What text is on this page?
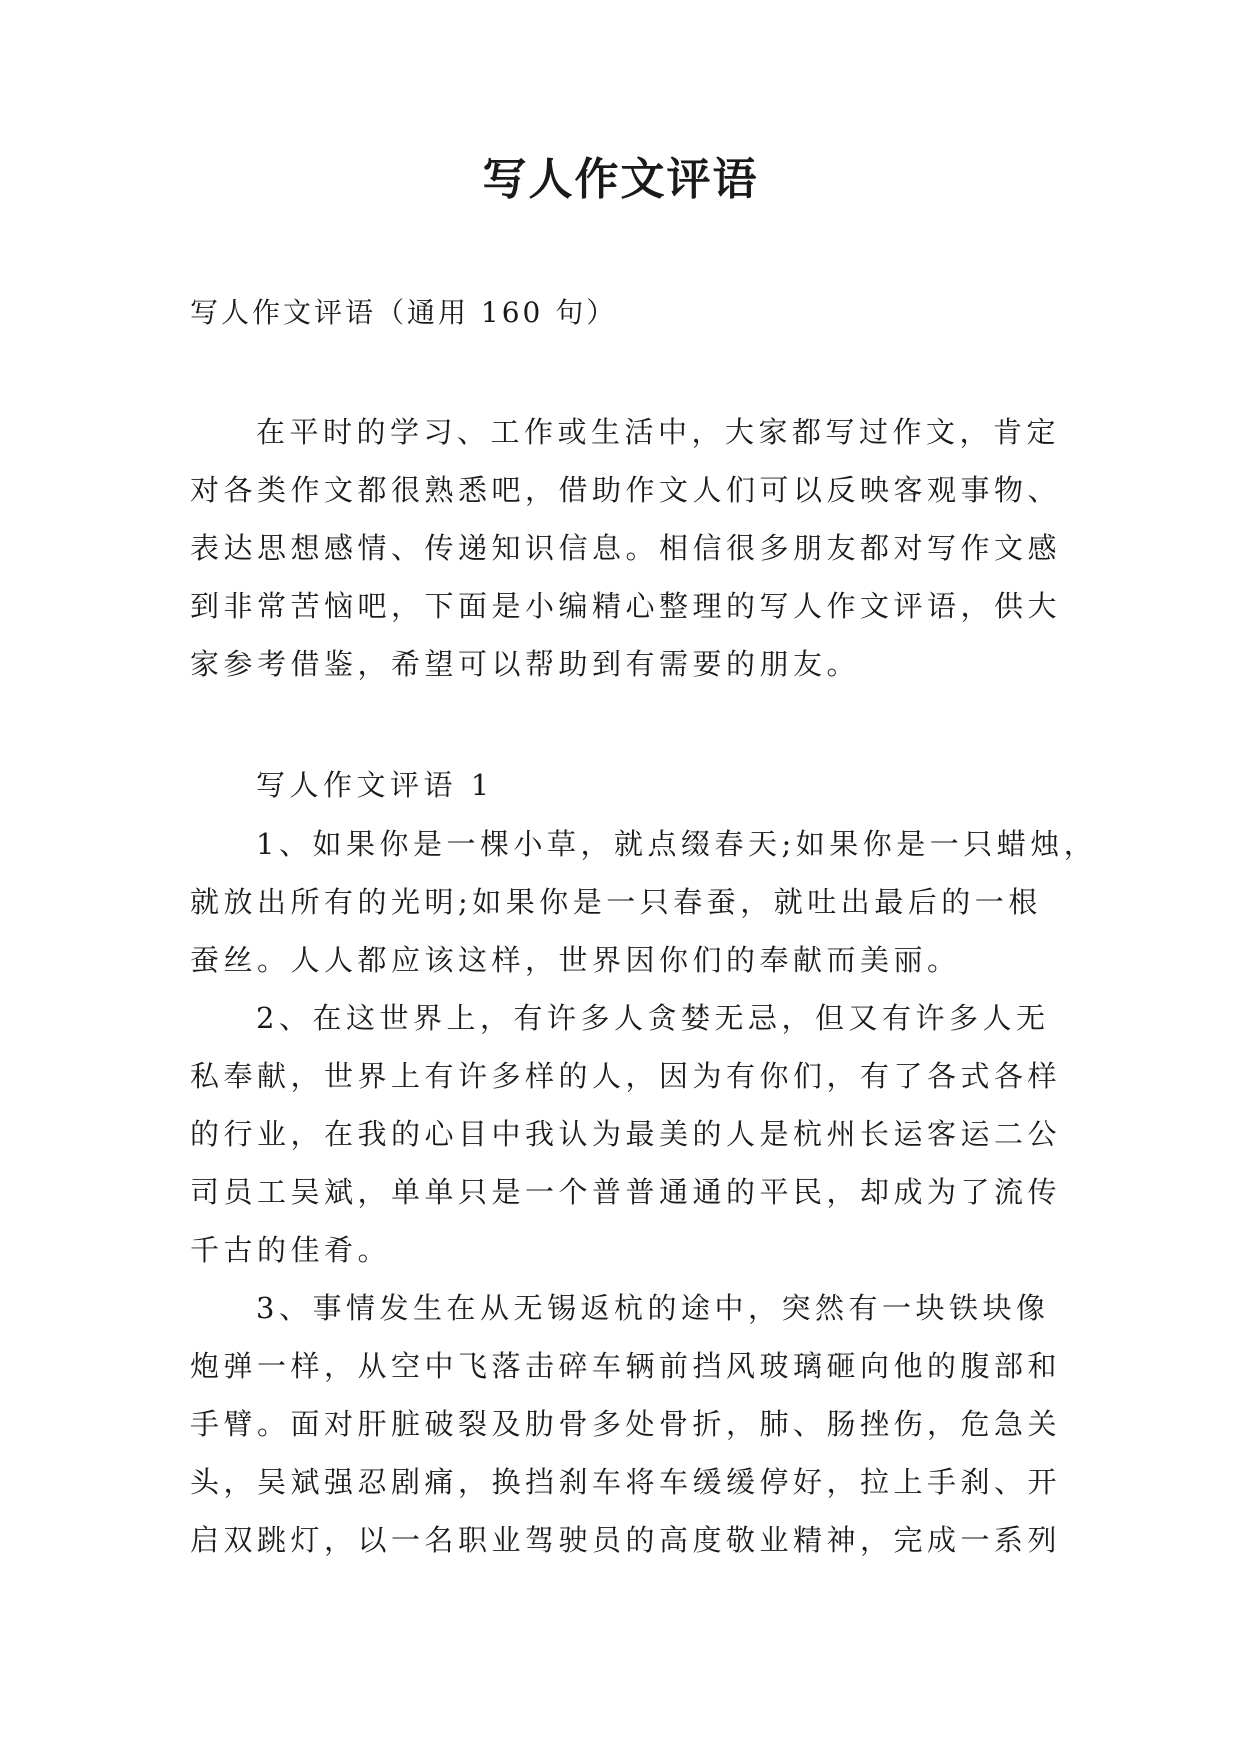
写人作文评语

写人作文评语（通用 160 句）

在平时的学习、工作或生活中，大家都写过作文，肯定
对各类作文都很熟悉吧，借助作文人们可以反映客观事物、
表达思想感情、传递知识信息。相信很多朋友都对写作文感
到非常苦恼吧，下面是小编精心整理的写人作文评语，供大
家参考借鉴，希望可以帮助到有需要的朋友。

写人作文评语 1

1、如果你是一棵小草，就点缀春天;如果你是一只蜡烛，
就放出所有的光明;如果你是一只春蚕，就吐出最后的一根
蚕丝。人人都应该这样，世界因你们的奉献而美丽。
2、在这世界上，有许多人贪婪无忌，但又有许多人无
私奉献，世界上有许多样的人，因为有你们，有了各式各样
的行业，在我的心目中我认为最美的人是杭州长运客运二公
司员工吴斌，单单只是一个普普通通的平民，却成为了流传
千古的佳肴。
3、事情发生在从无锡返杭的途中，突然有一块铁块像
炮弹一样，从空中飞落击碎车辆前挡风玻璃砸向他的腹部和
手臂。面对肝脏破裂及肋骨多处骨折，肺、肠挫伤，危急关
头，吴斌强忍剧痛，换挡刹车将车缓缓停好，拉上手刹、开
启双跳灯，以一名职业驾驶员的高度敬业精神，完成一系列
